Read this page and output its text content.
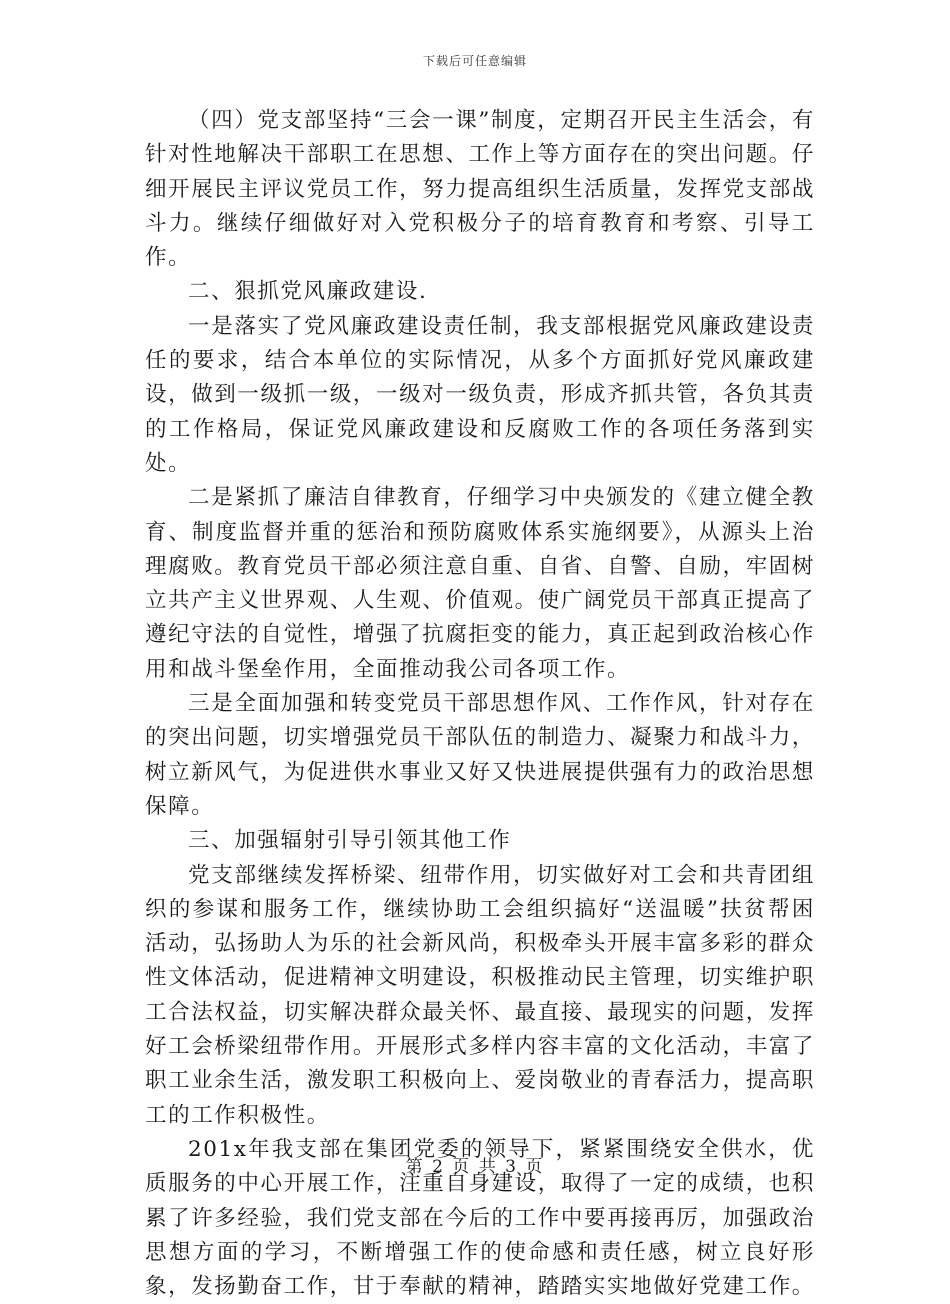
下载后可任意编辑

（四）党支部坚持“三会一课”制度，定期召开民主生活会，有针对性地解决干部职工在思想、工作上等方面存在的突出问题。仔细开展民主评议党员工作，努力提高组织生活质量，发挥党支部战斗力。继续仔细做好对入党积极分子的培育教育和考察、引导工作。

二、狠抓党风廉政建设.

一是落实了党风廉政建设责任制，我支部根据党风廉政建设责任的要求，结合本单位的实际情况，从多个方面抓好党风廉政建设，做到一级抓一级，一级对一级负责，形成齐抓共管，各负其责的工作格局，保证党风廉政建设和反腐败工作的各项任务落到实处。

二是紧抓了廉洁自律教育，仔细学习中央颁发的《建立健全教育、制度监督并重的惩治和预防腐败体系实施纲要》，从源头上治理腐败。教育党员干部必须注意自重、自省、自警、自励，牢固树立共产主义世界观、人生观、价值观。使广阔党员干部真正提高了遵纪守法的自觉性，增强了抗腐拒变的能力，真正起到政治核心作用和战斗堡垒作用，全面推动我公司各项工作。

三是全面加强和转变党员干部思想作风、工作作风，针对存在的突出问题，切实增强党员干部队伍的制造力、凝聚力和战斗力，树立新风气，为促进供水事业又好又快进展提供强有力的政治思想保障。

三、加强辐射引导引领其他工作

党支部继续发挥桥梁、纽带作用，切实做好对工会和共青团组织的参谋和服务工作，继续协助工会组织搞好“送温暖”扶贫帮困活动，弘扬助人为乐的社会新风尚，积极牵头开展丰富多彩的群众性文体活动，促进精神文明建设，积极推动民主管理，切实维护职工合法权益，切实解决群众最关怀、最直接、最现实的问题，发挥好工会桥梁纽带作用。开展形式多样内容丰富的文化活动，丰富了职工业余生活，激发职工积极向上、爱岗敬业的青春活力，提高职工的工作积极性。

201x年我支部在集团党委的领导下，紧紧围绕安全供水，优质服务的中心开展工作，注重自身建设，取得了一定的成绩，也积累了许多经验，我们党支部在今后的工作中要再接再厉，加强政治思想方面的学习，不断增强工作的使命感和责任感，树立良好形象，发扬勤奋工作，甘于奉献的精神，踏踏实实地做好党建工作。

第 2 页 共 3 页
